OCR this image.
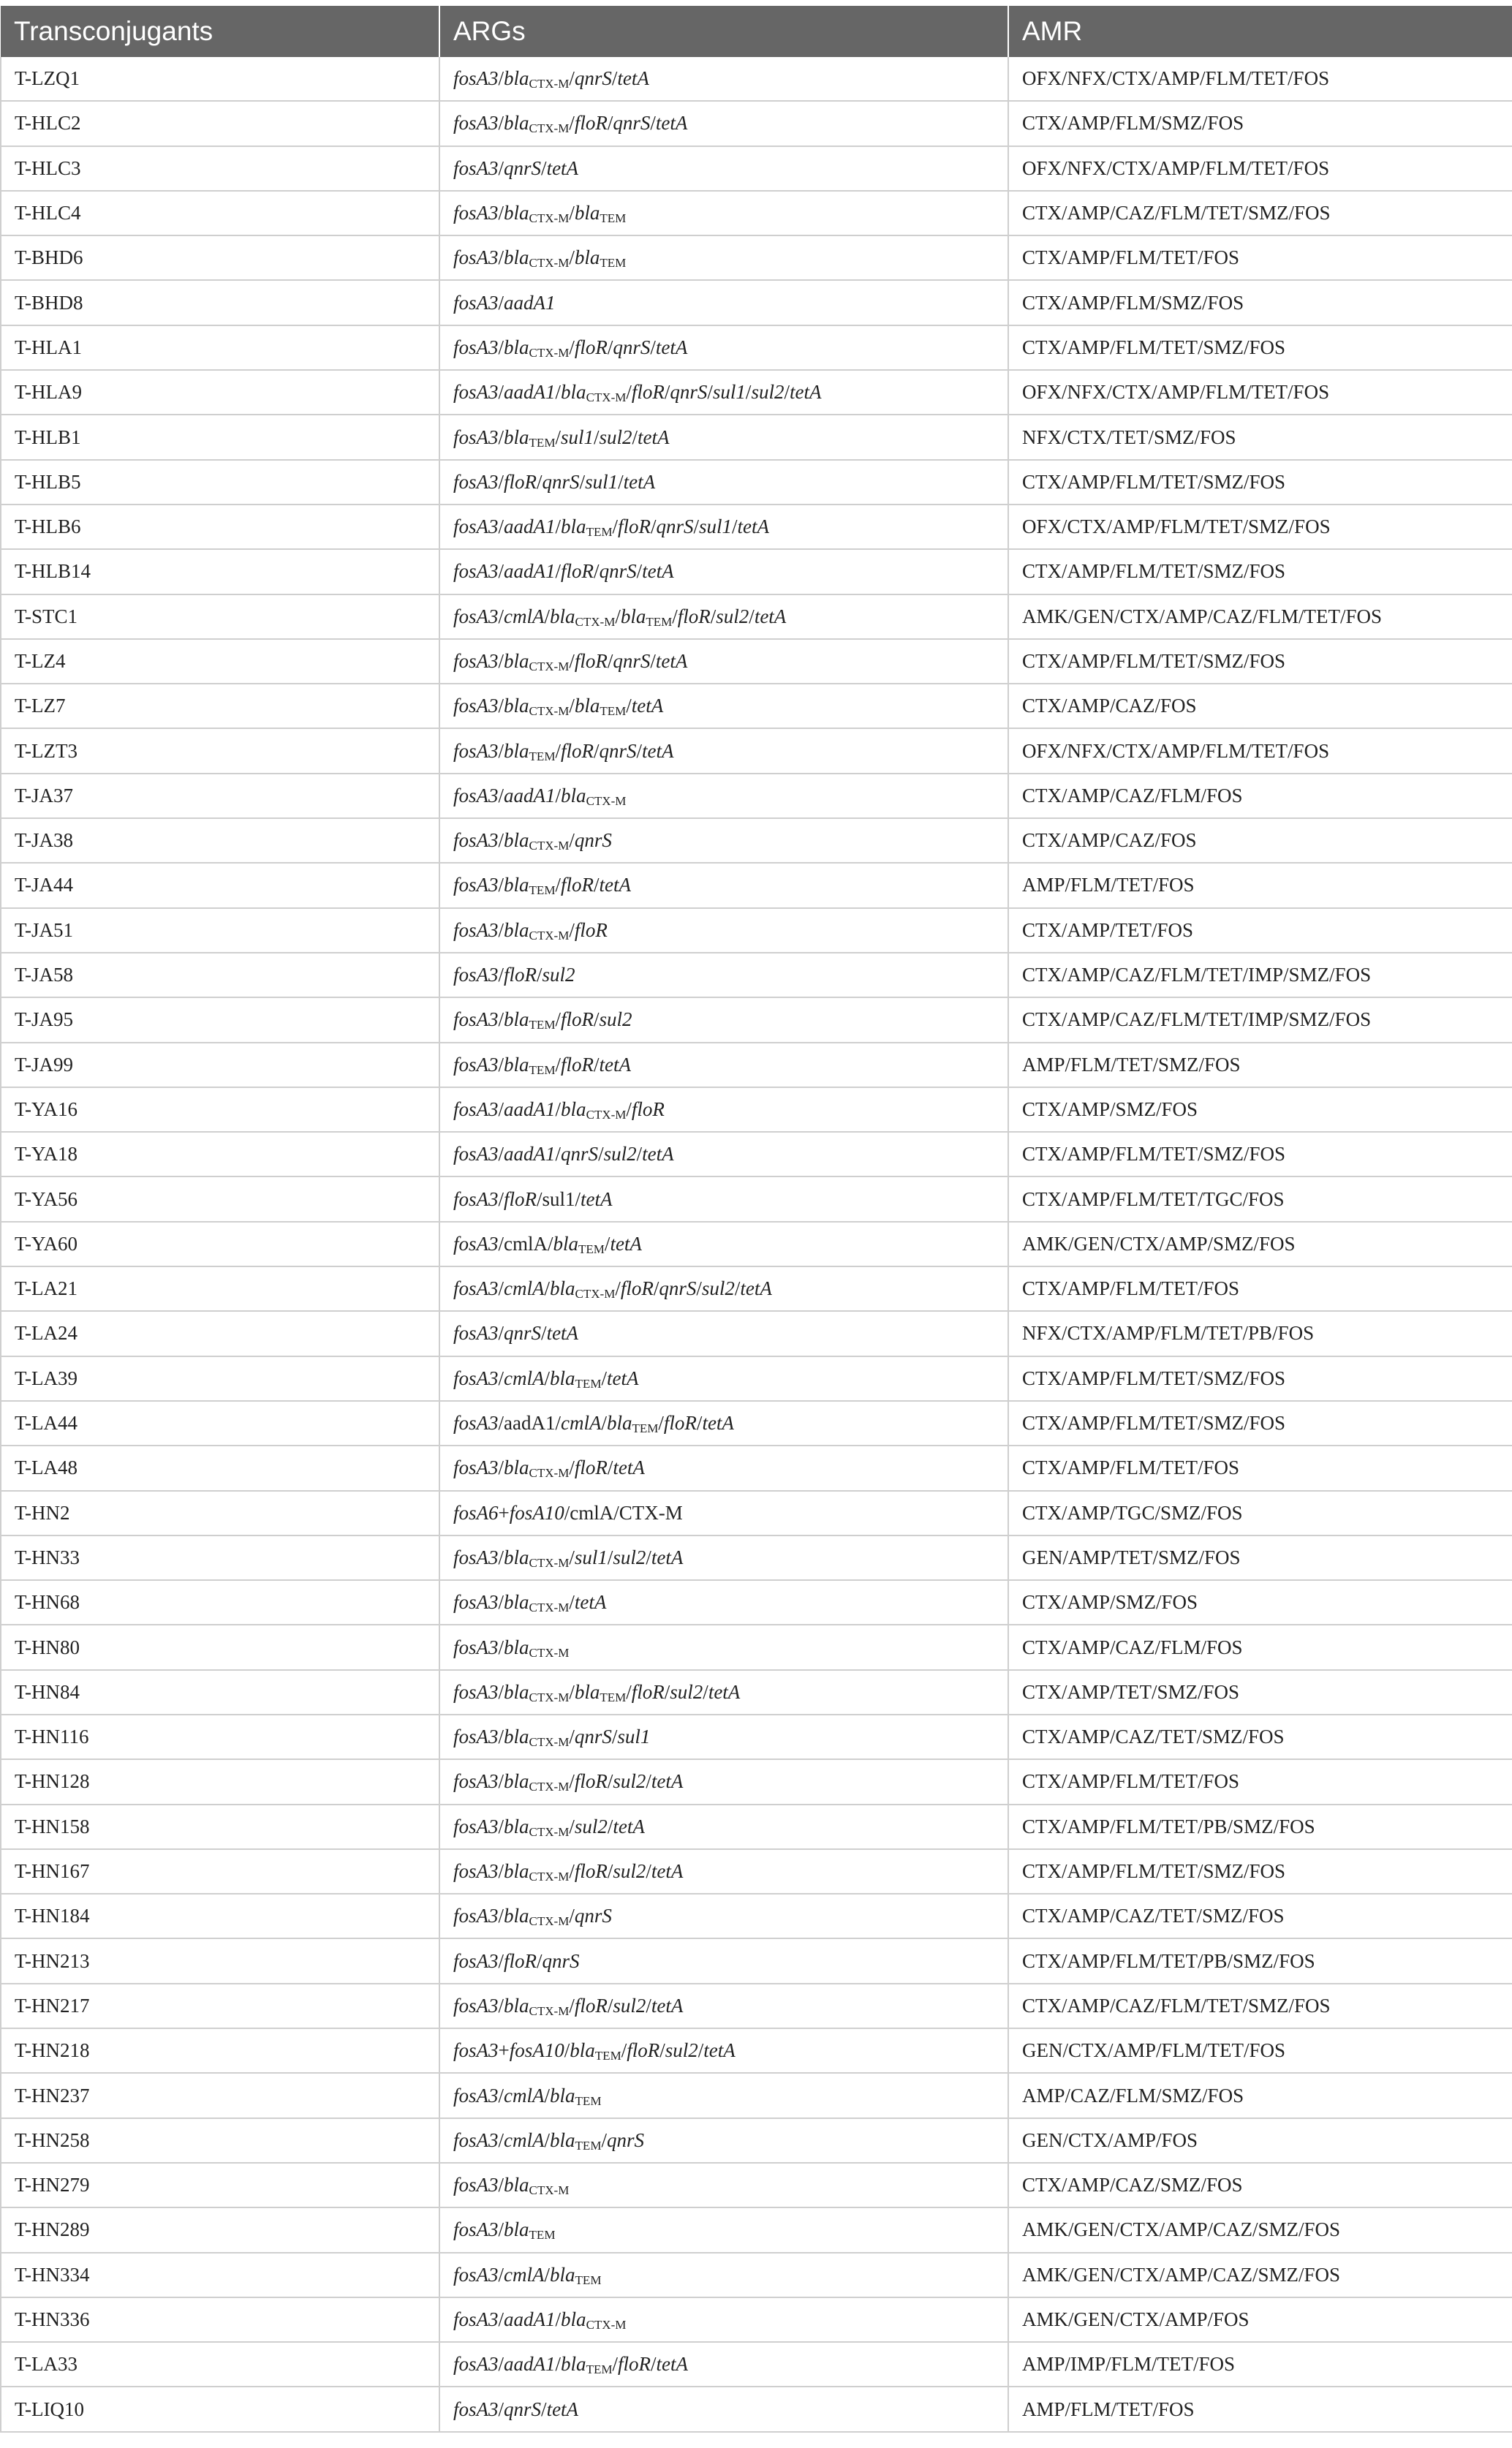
Transconjugants	ARGs	AMR
T-LZQ1	fosA3/bla$_{CTX-M}$/qnrS/tetA	OFX/NFX/CTX/AMP/FLM/TET/FOS
T-HLC2	fosA3/bla$_{CTX-M}$/floR/qnrS/tetA	CTX/AMP/FLM/SMZ/FOS
T-HLC3	fosA3/qnrS/tetA	OFX/NFX/CTX/AMP/FLM/TET/FOS
T-HLC4	fosA3/bla$_{CTX-M}$/bla$_{TEM}$	CTX/AMP/CAZ/FLM/TET/SMZ/FOS
T-BHD6	fosA3/bla$_{CTX-M}$/bla$_{TEM}$	CTX/AMP/FLM/TET/FOS
T-BHD8	fosA3/aadA1	CTX/AMP/FLM/SMZ/FOS
T-HLA1	fosA3/bla$_{CTX-M}$/floR/qnrS/tetA	CTX/AMP/FLM/TET/SMZ/FOS
T-HLA9	fosA3/aadA1/bla$_{CTX-M}$/floR/qnrS/sul1/sul2/tetA	OFX/NFX/CTX/AMP/FLM/TET/FOS
T-HLB1	fosA3/bla$_{TEM}$/sul1/sul2/tetA	NFX/CTX/TET/SMZ/FOS
T-HLB5	fosA3/floR/qnrS/sul1/tetA	CTX/AMP/FLM/TET/SMZ/FOS
T-HLB6	fosA3/aadA1/bla$_{TEM}$/floR/qnrS/sul1/tetA	OFX/CTX/AMP/FLM/TET/SMZ/FOS
T-HLB14	fosA3/aadA1/floR/qnrS/tetA	CTX/AMP/FLM/TET/SMZ/FOS
T-STC1	fosA3/cmlA/bla$_{CTX-M}$/bla$_{TEM}$/floR/sul2/tetA	AMK/GEN/CTX/AMP/CAZ/FLM/TET/FOS
T-LZ4	fosA3/bla$_{CTX-M}$/floR/qnrS/tetA	CTX/AMP/FLM/TET/SMZ/FOS
T-LZ7	fosA3/bla$_{CTX-M}$/bla$_{TEM}$/tetA	CTX/AMP/CAZ/FOS
T-LZT3	fosA3/bla$_{TEM}$/floR/qnrS/tetA	OFX/NFX/CTX/AMP/FLM/TET/FOS
T-JA37	fosA3/aadA1/bla$_{CTX-M}$	CTX/AMP/CAZ/FLM/FOS
T-JA38	fosA3/bla$_{CTX-M}$/qnrS	CTX/AMP/CAZ/FOS
T-JA44	fosA3/bla$_{TEM}$/floR/tetA	AMP/FLM/TET/FOS
T-JA51	fosA3/bla$_{CTX-M}$/floR	CTX/AMP/TET/FOS
T-JA58	fosA3/floR/sul2	CTX/AMP/CAZ/FLM/TET/IMP/SMZ/FOS
T-JA95	fosA3/bla$_{TEM}$/floR/sul2	CTX/AMP/CAZ/FLM/TET/IMP/SMZ/FOS
T-JA99	fosA3/bla$_{TEM}$/floR/tetA	AMP/FLM/TET/SMZ/FOS
T-YA16	fosA3/aadA1/bla$_{CTX-M}$/floR	CTX/AMP/SMZ/FOS
T-YA18	fosA3/aadA1/qnrS/sul2/tetA	CTX/AMP/FLM/TET/SMZ/FOS
T-YA56	fosA3/floR/sul1/tetA	CTX/AMP/FLM/TET/TGC/FOS
T-YA60	fosA3/cmlA/bla$_{TEM}$/tetA	AMK/GEN/CTX/AMP/SMZ/FOS
T-LA21	fosA3/cmlA/bla$_{CTX-M}$/floR/qnrS/sul2/tetA	CTX/AMP/FLM/TET/FOS
T-LA24	fosA3/qnrS/tetA	NFX/CTX/AMP/FLM/TET/PB/FOS
T-LA39	fosA3/cmlA/bla$_{TEM}$/tetA	CTX/AMP/FLM/TET/SMZ/FOS
T-LA44	fosA3/aadA1/cmlA/bla$_{TEM}$/floR/tetA	CTX/AMP/FLM/TET/SMZ/FOS
T-LA48	fosA3/bla$_{CTX-M}$/floR/tetA	CTX/AMP/FLM/TET/FOS
T-HN2	fosA6+fosA10/cmlA/CTX-M	CTX/AMP/TGC/SMZ/FOS
T-HN33	fosA3/bla$_{CTX-M}$/sul1/sul2/tetA	GEN/AMP/TET/SMZ/FOS
T-HN68	fosA3/bla$_{CTX-M}$/tetA	CTX/AMP/SMZ/FOS
T-HN80	fosA3/bla$_{CTX-M}$	CTX/AMP/CAZ/FLM/FOS
T-HN84	fosA3/bla$_{CTX-M}$/bla$_{TEM}$/floR/sul2/tetA	CTX/AMP/TET/SMZ/FOS
T-HN116	fosA3/bla$_{CTX-M}$/qnrS/sul1	CTX/AMP/CAZ/TET/SMZ/FOS
T-HN128	fosA3/bla$_{CTX-M}$/floR/sul2/tetA	CTX/AMP/FLM/TET/FOS
T-HN158	fosA3/bla$_{CTX-M}$/sul2/tetA	CTX/AMP/FLM/TET/PB/SMZ/FOS
T-HN167	fosA3/bla$_{CTX-M}$/floR/sul2/tetA	CTX/AMP/FLM/TET/SMZ/FOS
T-HN184	fosA3/bla$_{CTX-M}$/qnrS	CTX/AMP/CAZ/TET/SMZ/FOS
T-HN213	fosA3/floR/qnrS	CTX/AMP/FLM/TET/PB/SMZ/FOS
T-HN217	fosA3/bla$_{CTX-M}$/floR/sul2/tetA	CTX/AMP/CAZ/FLM/TET/SMZ/FOS
T-HN218	fosA3+fosA10/bla$_{TEM}$/floR/sul2/tetA	GEN/CTX/AMP/FLM/TET/FOS
T-HN237	fosA3/cmlA/bla$_{TEM}$	AMP/CAZ/FLM/SMZ/FOS
T-HN258	fosA3/cmlA/bla$_{TEM}$/qnrS	GEN/CTX/AMP/FOS
T-HN279	fosA3/bla$_{CTX-M}$	CTX/AMP/CAZ/SMZ/FOS
T-HN289	fosA3/bla$_{TEM}$	AMK/GEN/CTX/AMP/CAZ/SMZ/FOS
T-HN334	fosA3/cmlA/bla$_{TEM}$	AMK/GEN/CTX/AMP/CAZ/SMZ/FOS
T-HN336	fosA3/aadA1/bla$_{CTX-M}$	AMK/GEN/CTX/AMP/FOS
T-LA33	fosA3/aadA1/bla$_{TEM}$/floR/tetA	AMP/IMP/FLM/TET/FOS
T-LIQ10	fosA3/qnrS/tetA	AMP/FLM/TET/FOS
